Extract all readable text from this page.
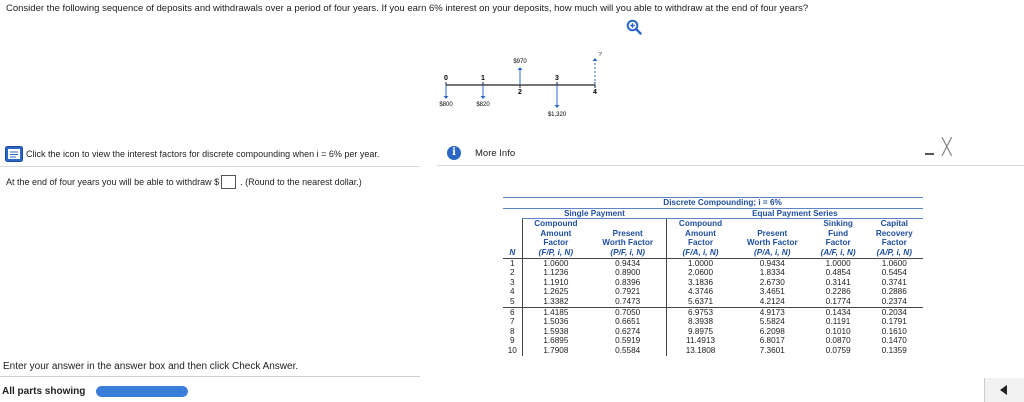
Consider the following sequence of deposits and withdrawals over a period of four years. If you earn 6% interest on your deposits, how much will you able to withdraw at the end of four years?
0	1
2
3
4
$800	$820
$1,320
$970
?
Click the icon to view the interest factors for discrete compounding when i = 6% per year.
At the end of four years you will be able to withdraw $ . (Round to the nearest dollar.)
Enter your answer in the answer box and then click Check Answer.
All parts showing
i	More Info	╳
	Discrete Compounding; i = 6%					
	Single Payment		Equal Payment Series			
	Compound		Compound		Sinking	Capital
	Amount	Present	Amount	Present	Fund	Recovery
	Factor	Worth Factor	Factor	Worth Factor	Factor	Factor
N	(F/P, i, N)	(P/F, i, N)	(F/A, i, N)	(P/A, i, N)	(A/F, i, N)	(A/P, i, N)
1	1.0600	0.9434	1.0000	0.9434	1.0000	1.0600
2	1.1236	0.8900	2.0600	1.8334	0.4854	0.5454
3	1.1910	0.8396	3.1836	2.6730	0.3141	0.3741
4	1.2625	0.7921	4.3746	3.4651	0.2286	0.2886
5	1.3382	0.7473	5.6371	4.2124	0.1774	0.2374
6	1.4185	0.7050	6.9753	4.9173	0.1434	0.2034
7	1.5036	0.6651	8.3938	5.5824	0.1191	0.1791
8	1.5938	0.6274	9.8975	6.2098	0.1010	0.1610
9	1.6895	0.5919	11.4913	6.8017	0.0870	0.1470
10	1.7908	0.5584	13.1808	7.3601	0.0759	0.1359
